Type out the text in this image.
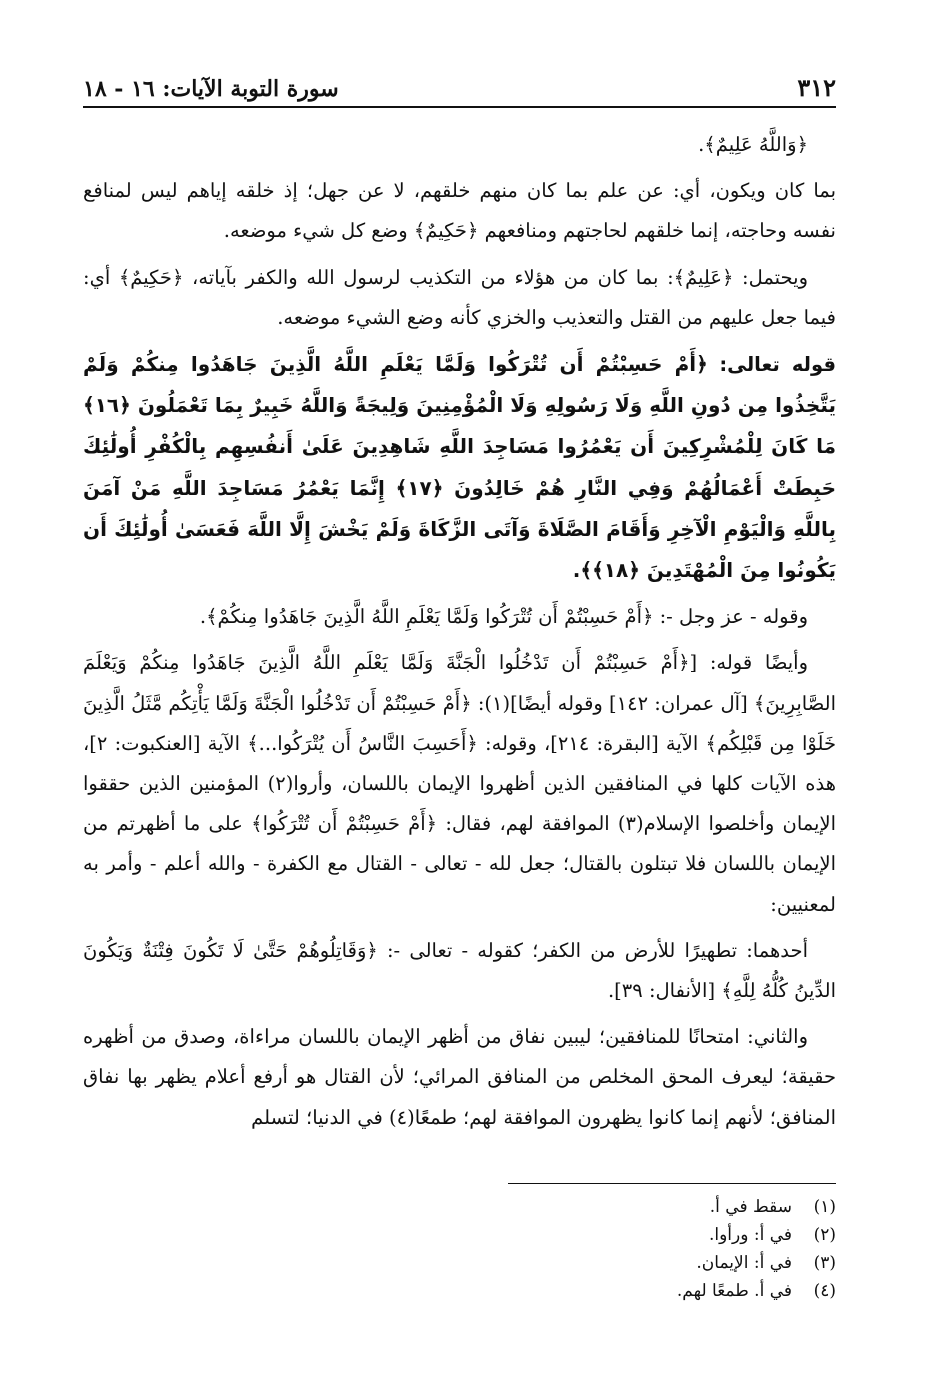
٣١٢
سورة التوبة الآيات: ١٦ - ١٨

﴿وَاللَّهُ عَلِيمٌ﴾.

بما كان ويكون، أي: عن علم بما كان منهم خلقهم، لا عن جهل؛ إذ خلقه إياهم ليس لمنافع نفسه وحاجته، إنما خلقهم لحاجتهم ومنافعهم ﴿حَكِيمٌ﴾ وضع كل شيء موضعه.

ويحتمل: ﴿عَلِيمٌ﴾: بما كان من هؤلاء من التكذيب لرسول الله والكفر بآياته، ﴿حَكِيمٌ﴾ أي: فيما جعل عليهم من القتل والتعذيب والخزي كأنه وضع الشيء موضعه.

قوله تعالى: ﴿أَمْ حَسِبْتُمْ أَن تُتْرَكُوا وَلَمَّا يَعْلَمِ اللَّهُ الَّذِينَ جَاهَدُوا مِنكُمْ وَلَمْ يَتَّخِذُوا مِن دُونِ اللَّهِ وَلَا رَسُولِهِ وَلَا الْمُؤْمِنِينَ وَلِيجَةً وَاللَّهُ خَبِيرٌ بِمَا تَعْمَلُونَ ﴿١٦﴾ مَا كَانَ لِلْمُشْرِكِينَ أَن يَعْمُرُوا مَسَاجِدَ اللَّهِ شَاهِدِينَ عَلَىٰ أَنفُسِهِم بِالْكُفْرِ أُولَٰئِكَ حَبِطَتْ أَعْمَالُهُمْ وَفِي النَّارِ هُمْ خَالِدُونَ ﴿١٧﴾ إِنَّمَا يَعْمُرُ مَسَاجِدَ اللَّهِ مَنْ آمَنَ بِاللَّهِ وَالْيَوْمِ الْآخِرِ وَأَقَامَ الصَّلَاةَ وَآتَى الزَّكَاةَ وَلَمْ يَخْشَ إِلَّا اللَّهَ فَعَسَىٰ أُولَٰئِكَ أَن يَكُونُوا مِنَ الْمُهْتَدِينَ ﴿١٨﴾﴾.

وقوله - عز وجل -: ﴿أَمْ حَسِبْتُمْ أَن تُتْرَكُوا وَلَمَّا يَعْلَمِ اللَّهُ الَّذِينَ جَاهَدُوا مِنكُمْ﴾.

وأيضًا قوله: [﴿أَمْ حَسِبْتُمْ أَن تَدْخُلُوا الْجَنَّةَ وَلَمَّا يَعْلَمِ اللَّهُ الَّذِينَ جَاهَدُوا مِنكُمْ وَيَعْلَمَ الصَّابِرِينَ﴾ [آل عمران: ١٤٢] وقوله أيضًا](١): ﴿أَمْ حَسِبْتُمْ أَن تَدْخُلُوا الْجَنَّةَ وَلَمَّا يَأْتِكُم مَّثَلُ الَّذِينَ خَلَوْا مِن قَبْلِكُم﴾ الآية [البقرة: ٢١٤]، وقوله: ﴿أَحَسِبَ النَّاسُ أَن يُتْرَكُوا...﴾ الآية [العنكبوت: ٢]، هذه الآيات كلها في المنافقين الذين أظهروا الإيمان باللسان، وأروا(٢) المؤمنين الذين حققوا الإيمان وأخلصوا الإسلام(٣) الموافقة لهم، فقال: ﴿أَمْ حَسِبْتُمْ أَن تُتْرَكُوا﴾ على ما أظهرتم من الإيمان باللسان فلا تبتلون بالقتال؛ جعل لله - تعالى - القتال مع الكفرة - والله أعلم - وأمر به لمعنيين:

أحدهما: تطهيرًا للأرض من الكفر؛ كقوله - تعالى -: ﴿وَقَاتِلُوهُمْ حَتَّىٰ لَا تَكُونَ فِتْنَةٌ وَيَكُونَ الدِّينُ كُلُّهُ لِلَّهِ﴾ [الأنفال: ٣٩].

والثاني: امتحانًا للمنافقين؛ ليبين نفاق من أظهر الإيمان باللسان مراءاة، وصدق من أظهره حقيقة؛ ليعرف المحق المخلص من المنافق المرائي؛ لأن القتال هو أرفع أعلام يظهر بها نفاق المنافق؛ لأنهم إنما كانوا يظهرون الموافقة لهم؛ طمعًا(٤) في الدنيا؛ لتسلم

(١)
سقط في أ.
(٢)
في أ: ورأوا.
(٣)
في أ: الإيمان.
(٤)
في أ. طمعًا لهم.
